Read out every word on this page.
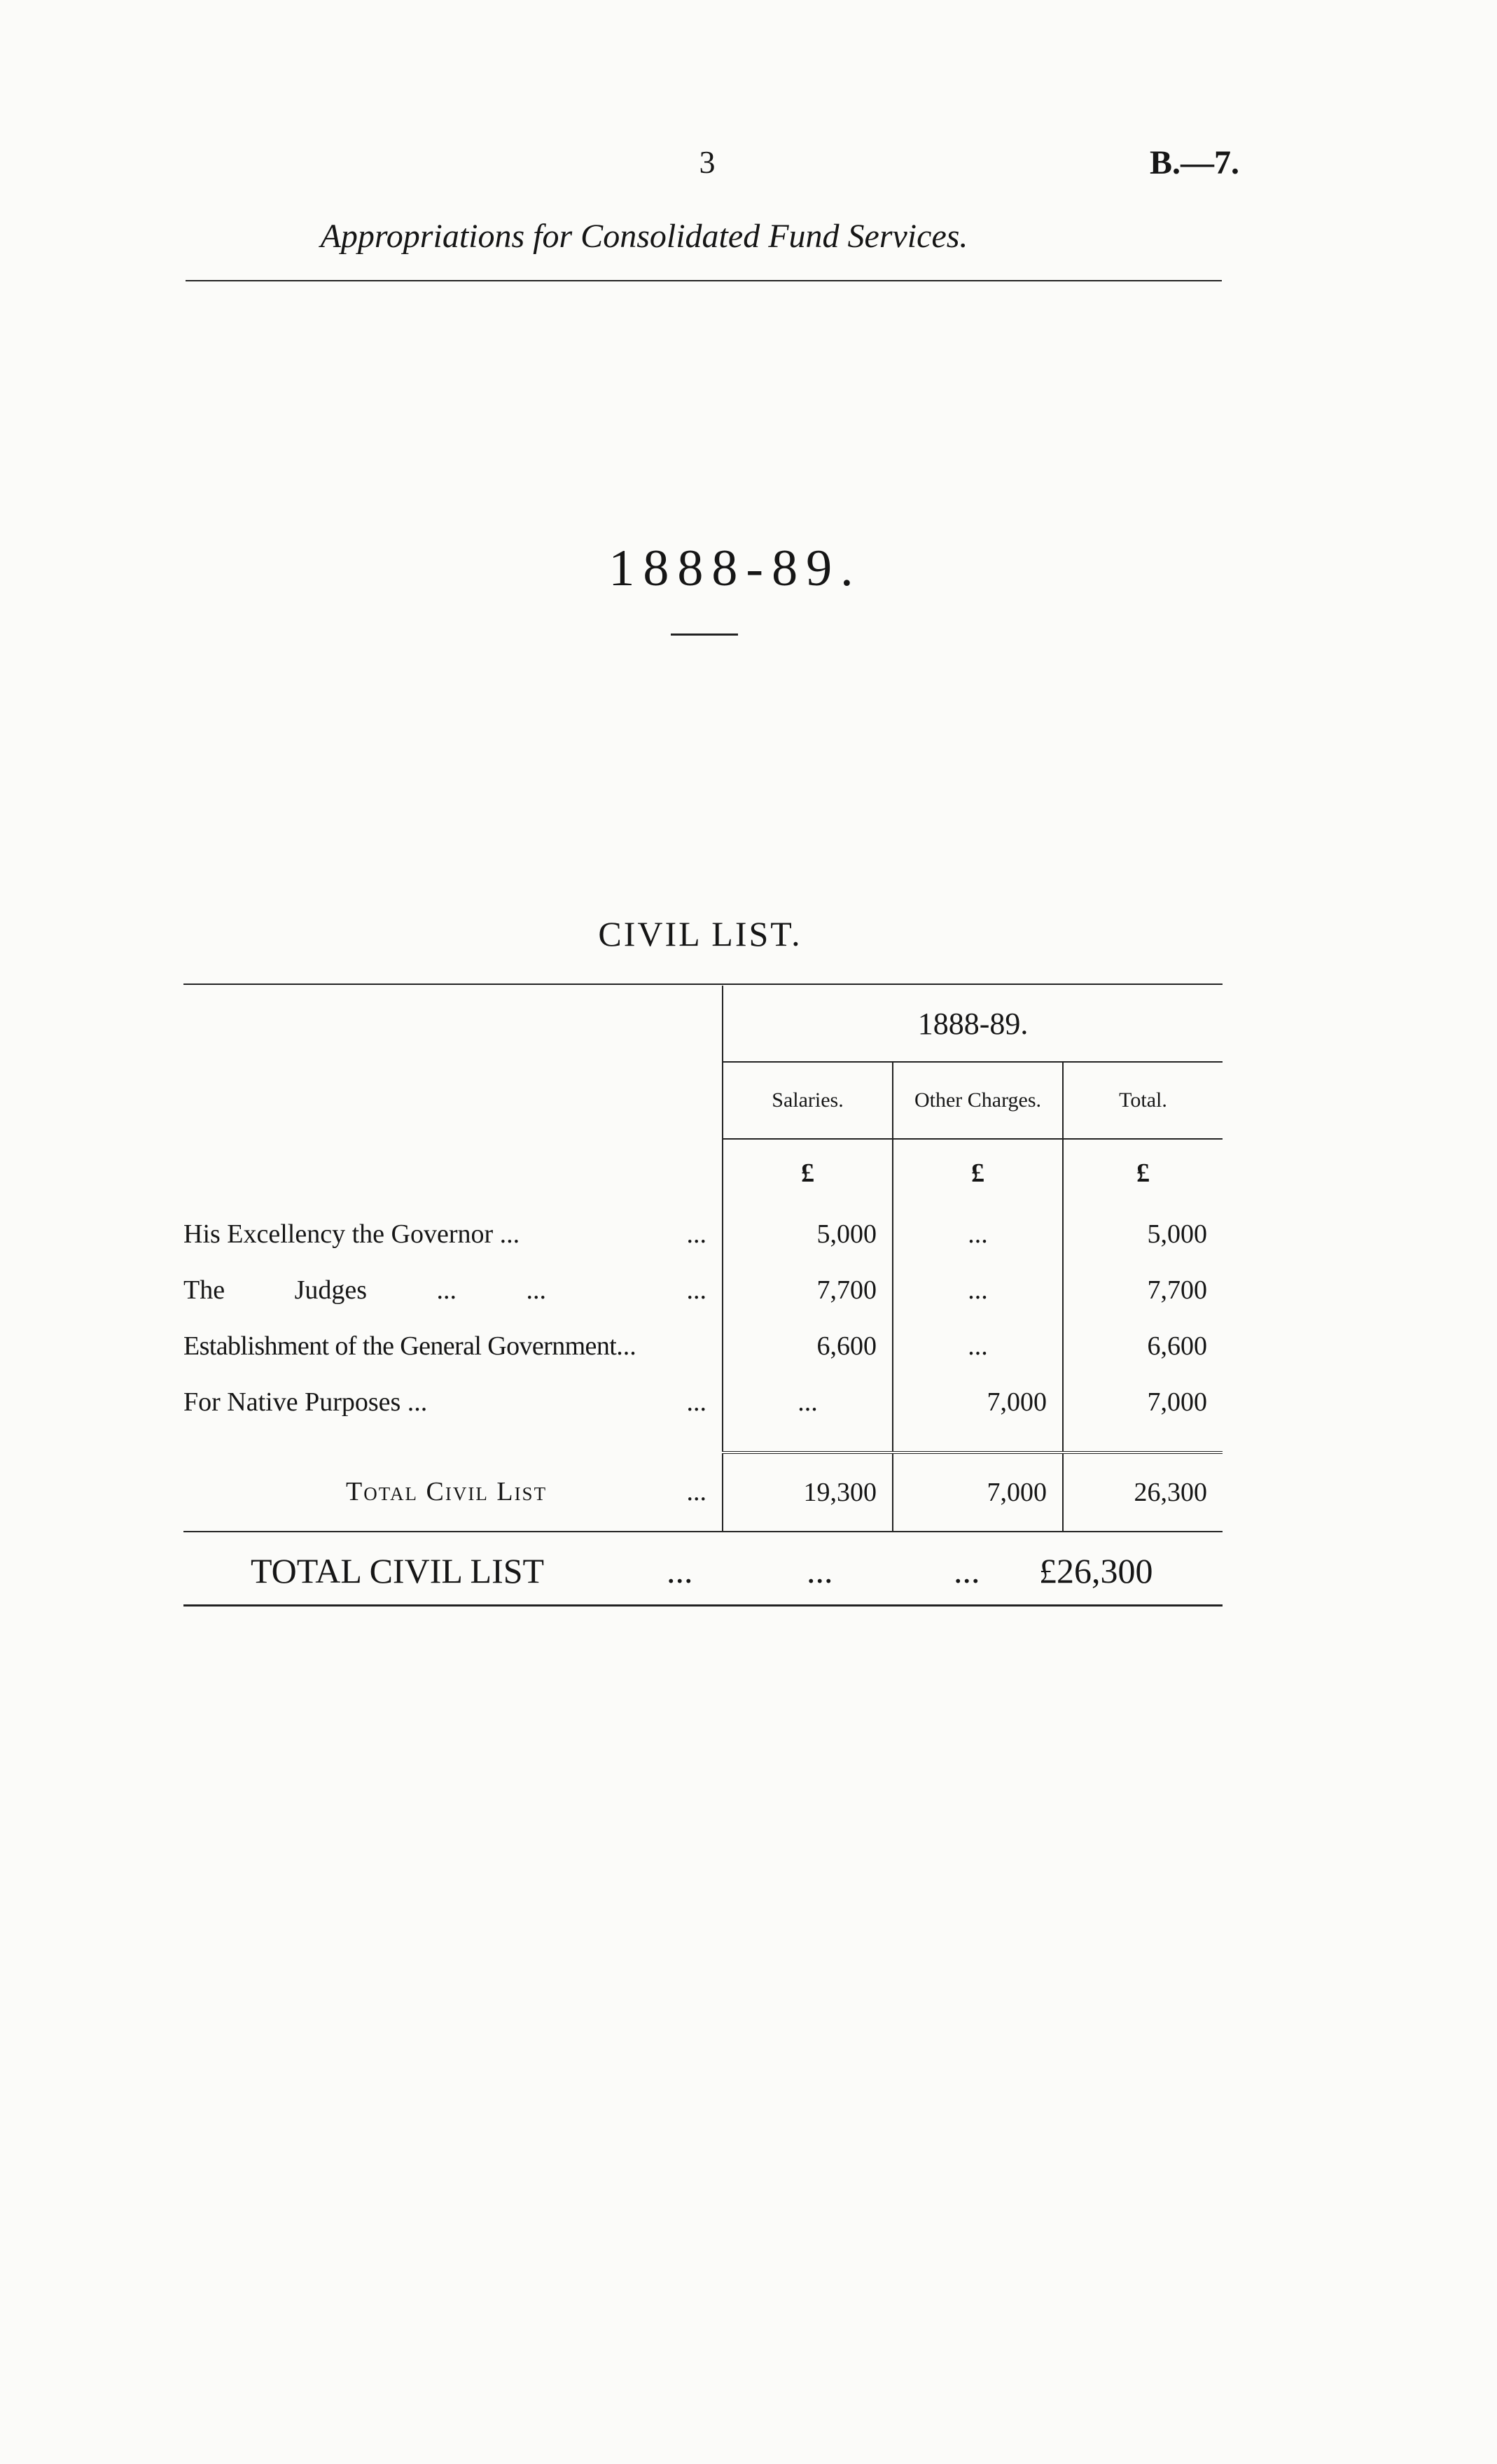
3	B.—7.
Appropriations for Consolidated Fund Services.
1888-89.
CIVIL LIST.
	1888-89.		
	Salaries.	Other Charges.	Total.
	£	£	£
His Excellency the Governor ... ...	5,000	...	5,000
The Judges ... ... ...	7,700	...	7,700
Establishment of the General Government...	6,600	...	6,600
For Native Purposes ... ...	...	7,000	7,000

Total Civil List ...	19,300	7,000	26,300
TOTAL CIVIL LIST	...	...	... £26,300
